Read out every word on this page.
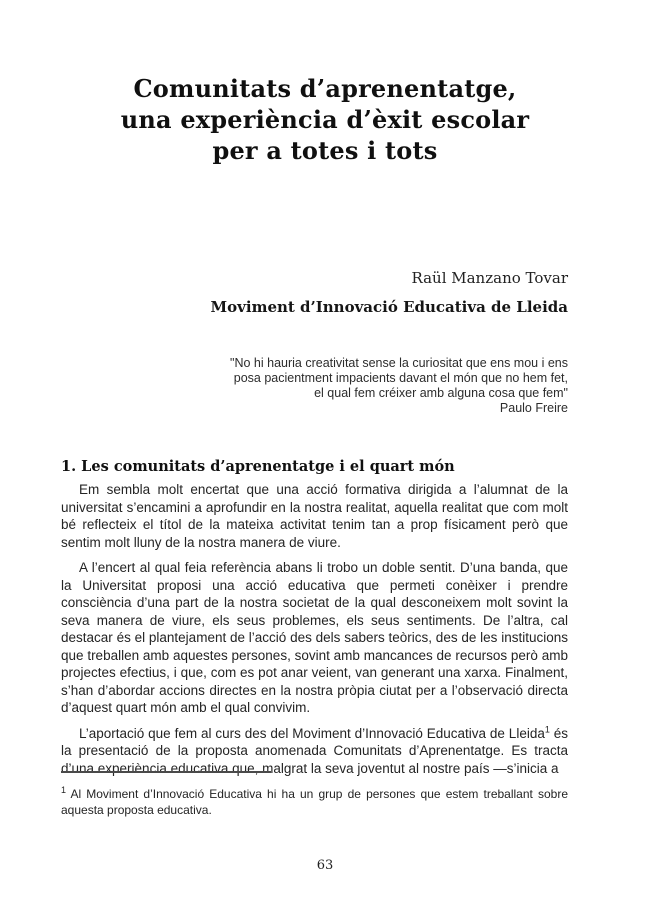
Comunitats d’aprenentatge,
una experiència d’èxit escolar
per a totes i tots
Raül Manzano Tovar
Moviment d’Innovació Educativa de Lleida
"No hi hauria creativitat sense la curiositat que ens mou i ens
posa pacientment impacients davant el món que no hem fet,
el qual fem créixer amb alguna cosa que fem"
Paulo Freire
1. Les comunitats d’aprenentatge i el quart món

Em sembla molt encertat que una acció formativa dirigida a l’alumnat de la universitat s’encamini a aprofundir en la nostra realitat, aquella realitat que com molt bé reflecteix el títol de la mateixa activitat tenim tan a prop físicament però que sentim molt lluny de la nostra manera de viure.

A l’encert al qual feia referència abans li trobo un doble sentit. D’una banda, que la Universitat proposi una acció educativa que permeti conèixer i prendre consciència d’una part de la nostra societat de la qual desconeixem molt sovint la seva manera de viure, els seus problemes, els seus sentiments. De l’altra, cal destacar és el plantejament de l’acció des dels sabers teòrics, des de les institucions que treballen amb aquestes persones, sovint amb mancances de recursos però amb projectes efectius, i que, com es pot anar veient, van generant una xarxa. Finalment, s’han d’abordar accions directes en la nostra pròpia ciutat per a l’observació directa d’aquest quart món amb el qual convivim.

L’aportació que fem al curs des del Moviment d’Innovació Educativa de Lleida$^1$ és la presentació de la proposta anomenada Comunitats d’Aprenentatge. Es tracta d’una experiència educativa que, malgrat la seva joventut al nostre país —s’inicia a

$^1$ Al Moviment d’Innovació Educativa hi ha un grup de persones que estem treballant sobre aquesta proposta educativa.
63
